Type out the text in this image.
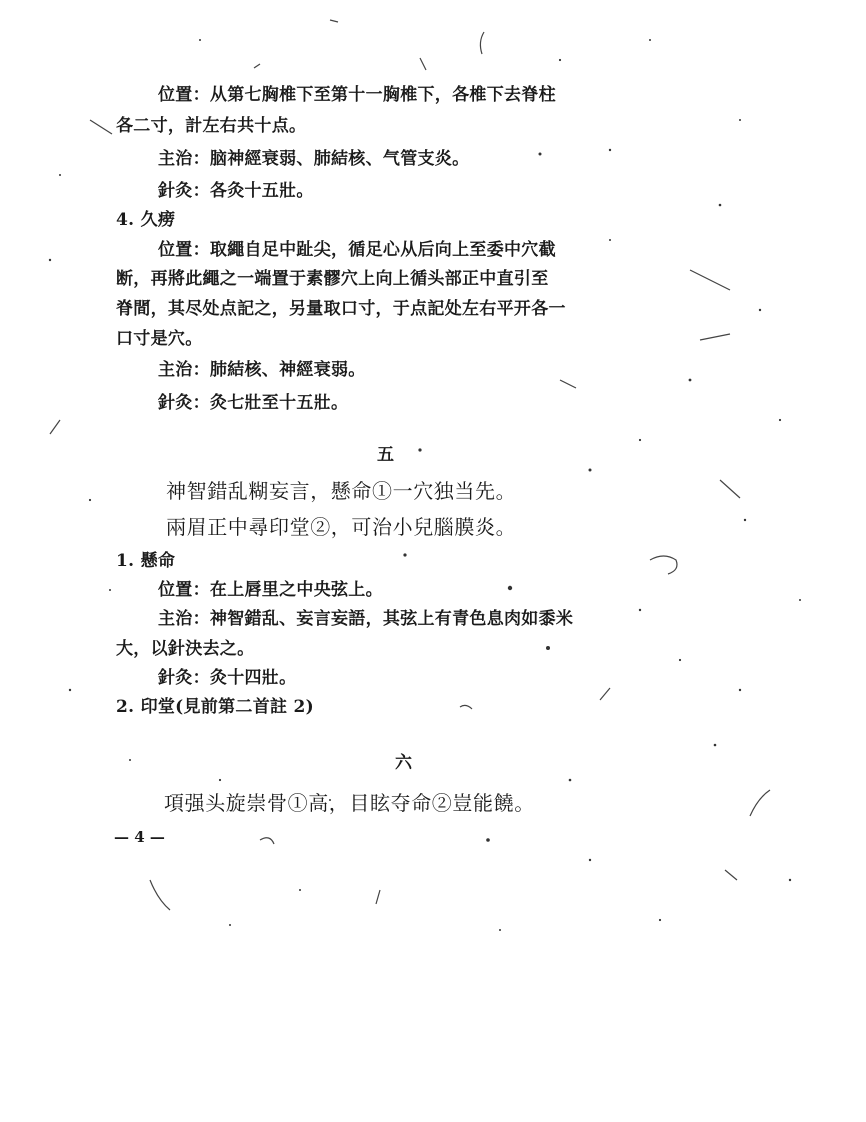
位置：从第七胸椎下至第十一胸椎下，各椎下去脊柱
各二寸，計左右共十点。
主治：脑神經衰弱、肺結核、气管支炎。
針灸：各灸十五壯。
4. 久痨
位置：取繩自足中趾尖，循足心从后向上至委中穴截
断，再將此繩之一端置于素髎穴上向上循头部正中直引至
脊間，其尽处点記之，另量取口寸，于点記处左右平开各一
口寸是穴。
主治：肺結核、神經衰弱。
針灸：灸七壯至十五壯。
五
神智錯乱糊妄言，懸命①一穴独当先。
兩眉正中尋印堂②，可治小兒腦膜炎。
1. 懸命
位置：在上唇里之中央弦上。
主治：神智錯乱、妄言妄語，其弦上有青色息肉如黍米
大，以針決去之。
針灸：灸十四壯。
2. 印堂(見前第二首註 2)
六
項强头旋崇骨①高，目眩夺命②豈能饒。
— 4 —
